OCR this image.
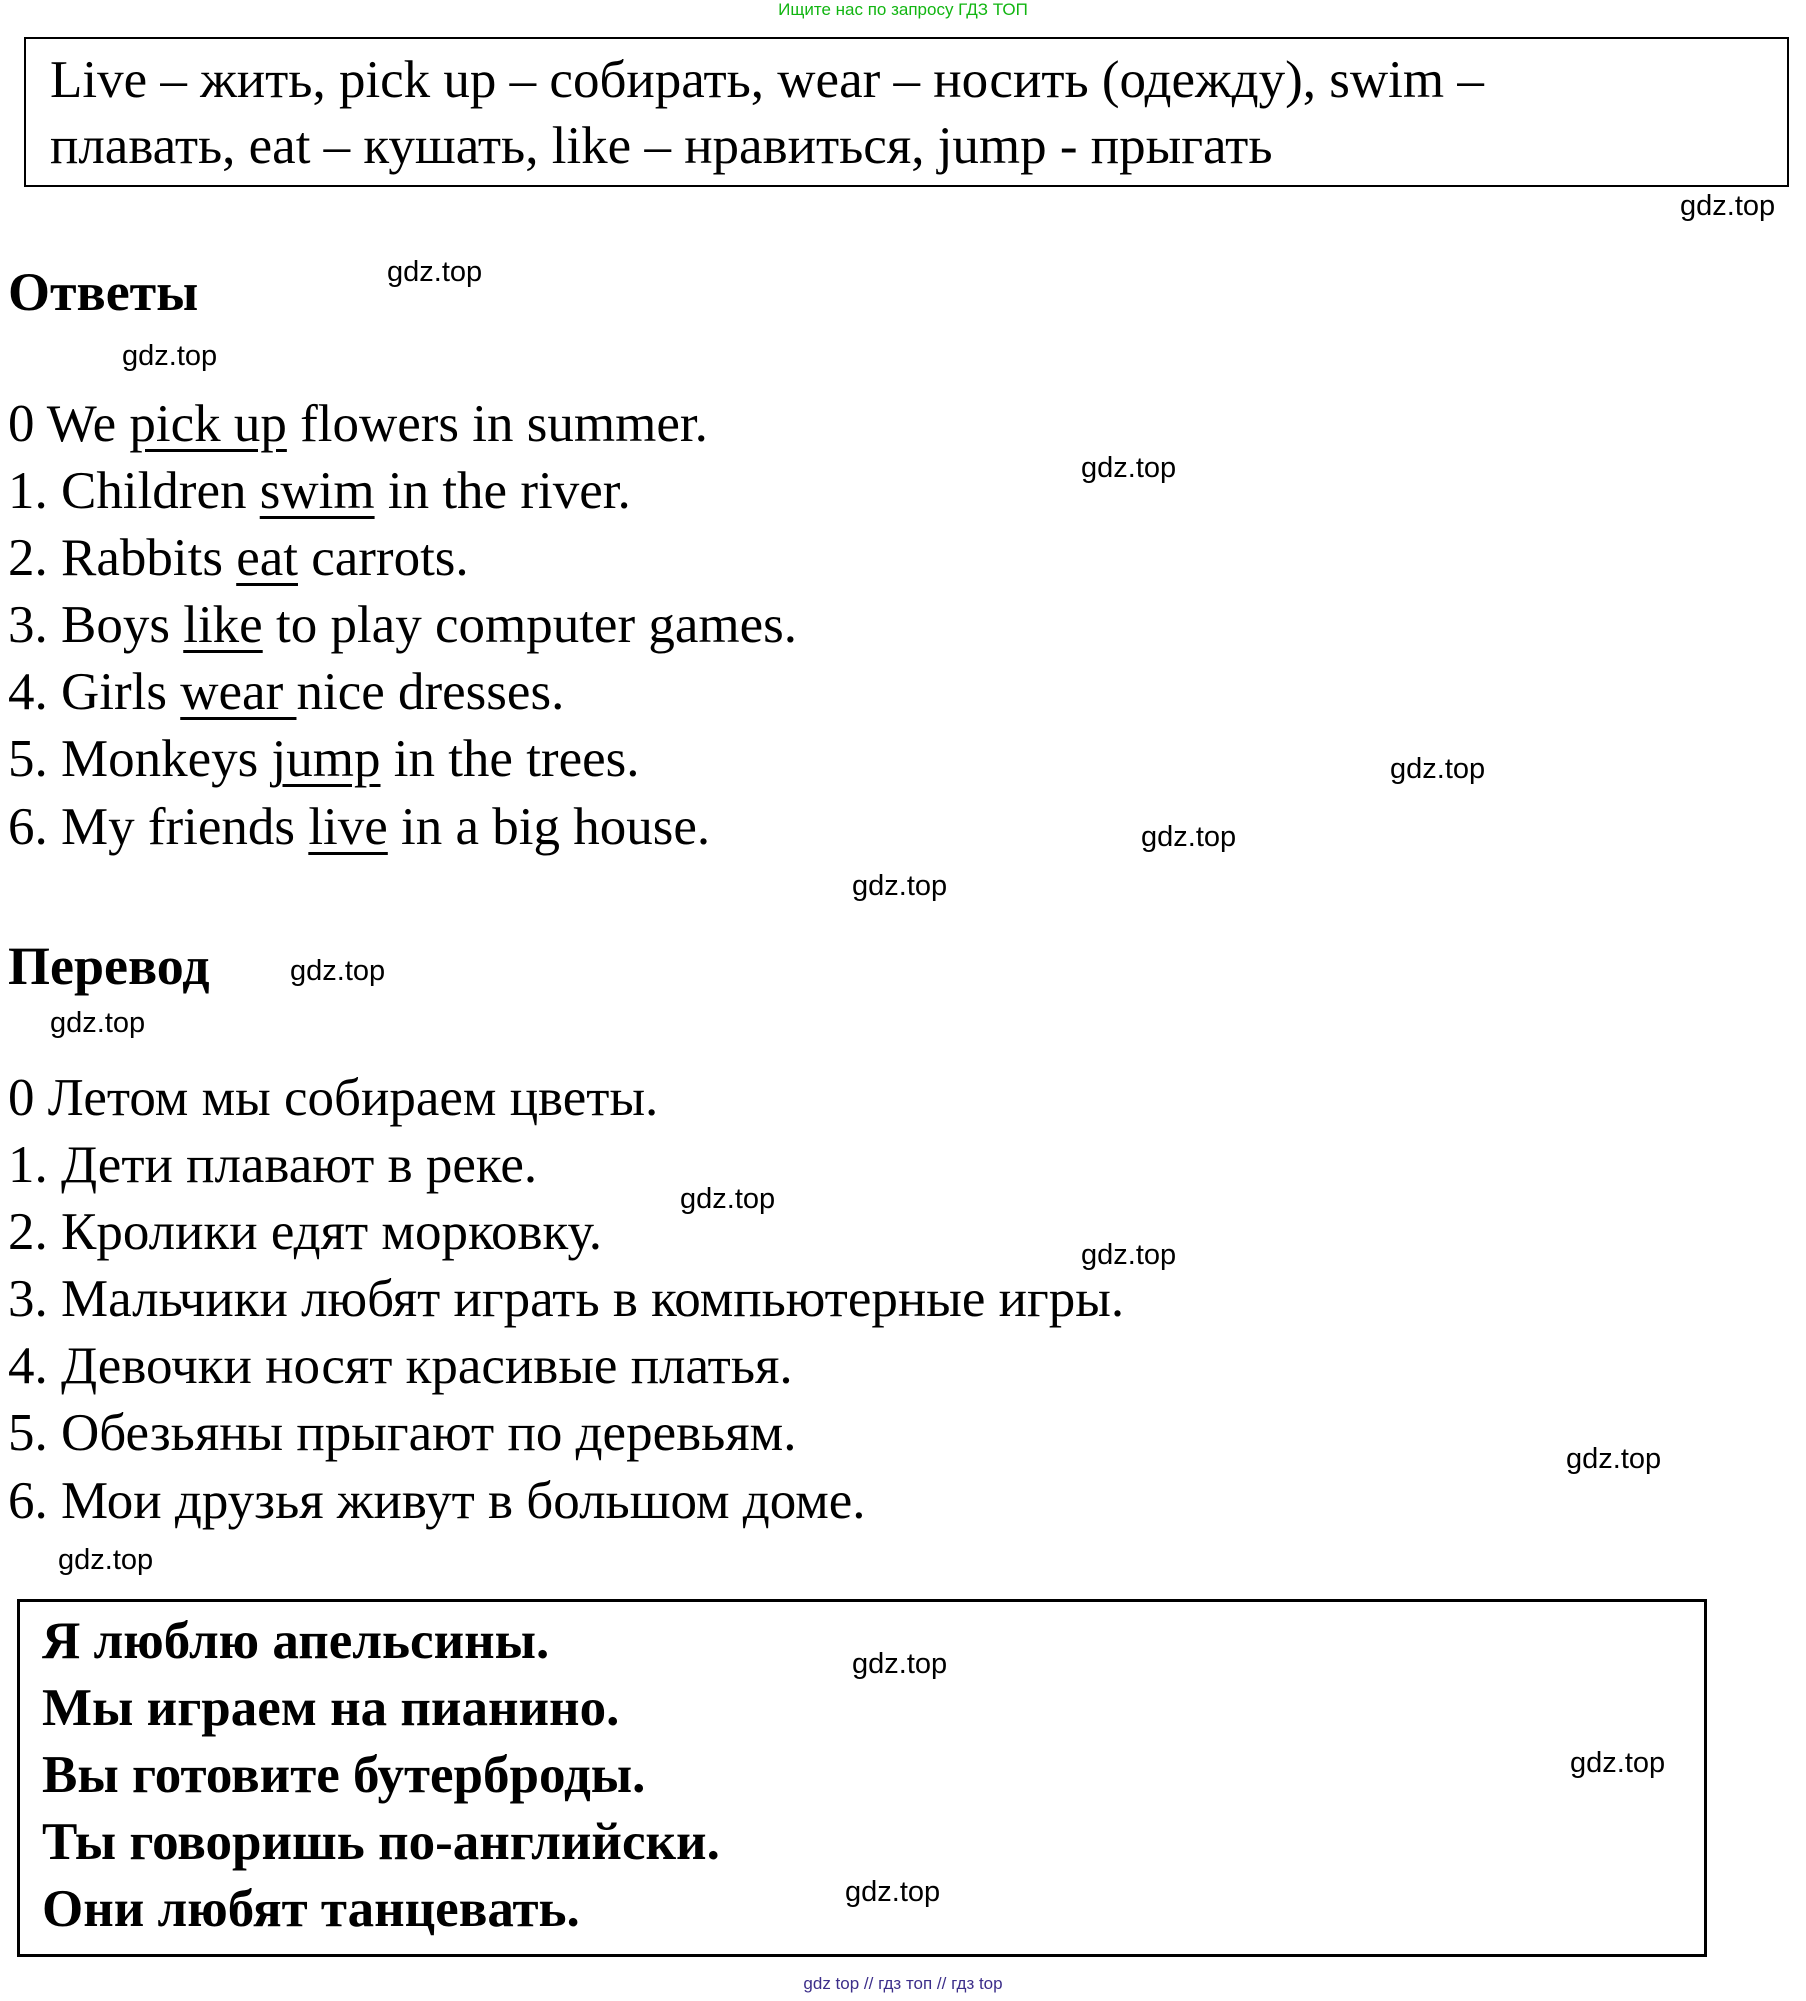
Ищите нас по запросу ГДЗ ТОП
Live – жить, pick up – собирать, wear – носить (одежду), swim –
плавать, eat – кушать, like – нравиться, jump - прыгать
Ответы
0 We pick up flowers in summer.
1. Children swim in the river.
2. Rabbits eat carrots.
3. Boys like to play computer games.
4. Girls wear nice dresses.
5. Monkeys jump in the trees.
6. My friends live in a big house.
Перевод
0 Летом мы собираем цветы.
1. Дети плавают в реке.
2. Кролики едят морковку.
3. Мальчики любят играть в компьютерные игры.
4. Девочки носят красивые платья.
5. Обезьяны прыгают по деревьям.
6. Мои друзья живут в большом доме.
Я люблю апельсины.
Мы играем на пианино.
Вы готовите бутерброды.
Ты говоришь по-английски.
Они любят танцевать.
gdz.top
gdz.top
gdz.top
gdz.top
gdz.top
gdz.top
gdz.top
gdz.top
gdz.top
gdz.top
gdz.top
gdz.top
gdz.top
gdz.top
gdz.top
gdz.top
gdz top // гдз топ // гдз top
